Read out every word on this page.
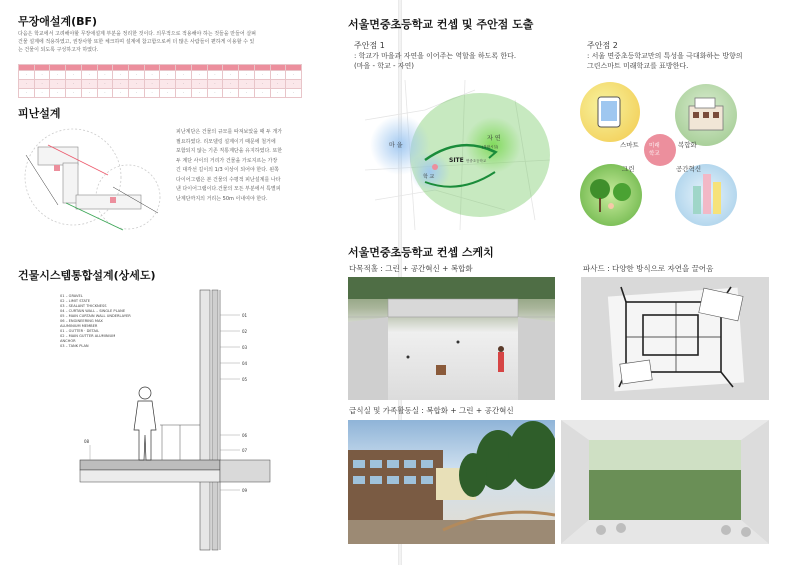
무장애설계(BF)
다음은 학교에서 고려해야할 무장애설계 부분을 정리한 것이다. 의무적으로 적용해야 하는 것들을 만들어 살펴
건물 설계에 적용하였고, 권장사항 또한 체크하며 설계에 참고함으로써 더 많은 사람들이 편하게 이용할 수 있
는 건물이 되도록 구성하고자 하였다.

·	·	·	·	·	·	·	·	·	·	·	·	·	·	·	·	·	·
·	·	·	·	·	·	·	·	·	·	·	·	·	·	·	·	·	·
·	·	·	·	·	·	·	·	·	·	·	·	·	·	·	·	·	·
피난설계
피난계단은 건물의 규모를 따져보았을 때 두 개가
필요하였다. 리모델링 설계이기 때문에 철거에
포함되지 않는 기존 직통계단을 유지하였다. 또한
두 계단 사이의 거리가 건물을 가로지르는 가장
긴 대각선 길이의 1/3 이상이 되어야 한다. 왼쪽
다이어그램은 본 건물의 수평적 피난설계를 나타
낸 다이어그램이다.건물의 모든 부분에서 특별피
난계단까지의 거리는 50m 이내여야 한다.
건물시스템통합설계(상세도)
01
02
03
04
05
06
07
08
09
01 – GRAVEL
02 – LIMIT STATE
03 – SEALANT THICKNESS
04 – CURTAIN WALL – SINGLE PLANE
05 – MAIN CURTAIN WALL UNDERLAYER
06 – ENGINEERING MAX
ALUMINIUM MEMBER
01 – GUTTER · DETAIL
02 – MAIN GUTTER ALUMINIUM
ANCHOR
03 – TANK PLAN
서울면중초등학교 컨셉 및 주안점 도출
주안점 1
: 학교가 마을과 자연을 이어주는 역할을 하도록 한다.
(마을 - 학교 - 자연)
주안점 2
: 서울 면중초등학교만의 특성을 극대화하는 방향의
그린스마트 미래학교를 표방한다.
마 을
자 연
(복합시설)
학 교
SITE 면중초등학교
미래
학교
스마트	복합화
그린	공간혁신
서울면중초등학교 컨셉 스케치
다목적홀 : 그린 + 공간혁신 + 복합화	파사드 : 다양한 방식으로 자연을 끌어옴
급식실 및 가족활동실 : 복합화 + 그린 + 공간혁신
